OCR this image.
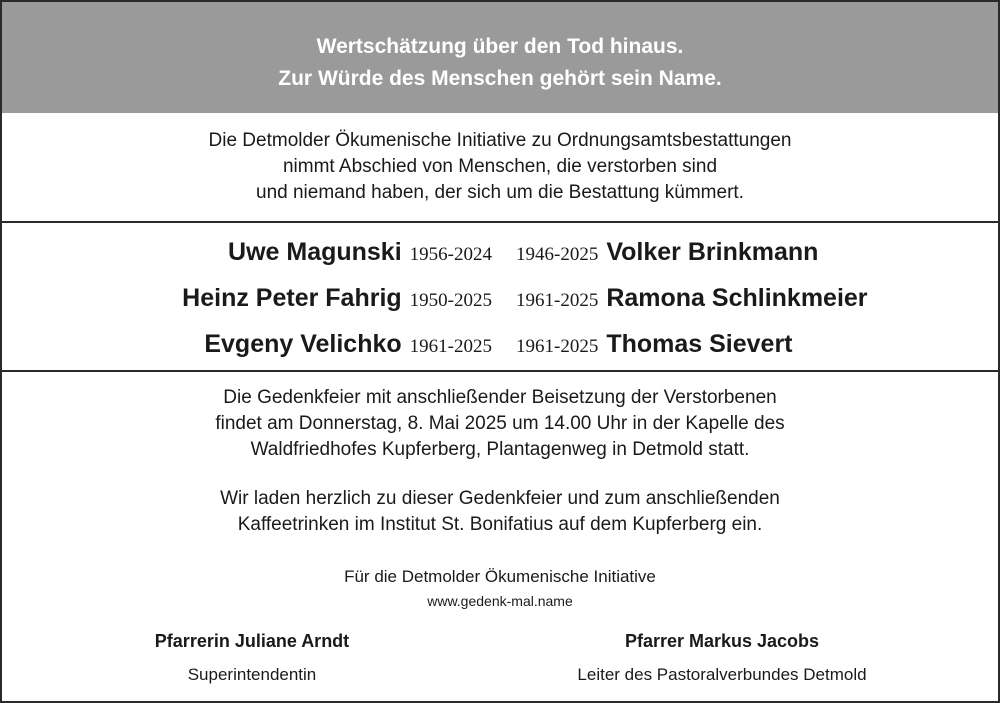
Wertschätzung über den Tod hinaus.
Zur Würde des Menschen gehört sein Name.
Die Detmolder Ökumenische Initiative zu Ordnungsamtsbestattungen
nimmt Abschied von Menschen, die verstorben sind
und niemand haben, der sich um die Bestattung kümmert.
Uwe Magunski 1956-2024 1946-2025 Volker Brinkmann
Heinz Peter Fahrig 1950-2025 1961-2025 Ramona Schlinkmeier
Evgeny Velichko 1961-2025 1961-2025 Thomas Sievert
Die Gedenkfeier mit anschließender Beisetzung der Verstorbenen
findet am Donnerstag, 8. Mai 2025 um 14.00 Uhr in der Kapelle des
Waldfriedhofes Kupferberg, Plantagenweg in Detmold statt.
Wir laden herzlich zu dieser Gedenkfeier und zum anschließenden
Kaffeetrinken im Institut St. Bonifatius auf dem Kupferberg ein.
Für die Detmolder Ökumenische Initiative
www.gedenk-mal.name
Pfarrerin Juliane Arndt
Superintendentin
Pfarrer Markus Jacobs
Leiter des Pastoralverbundes Detmold
